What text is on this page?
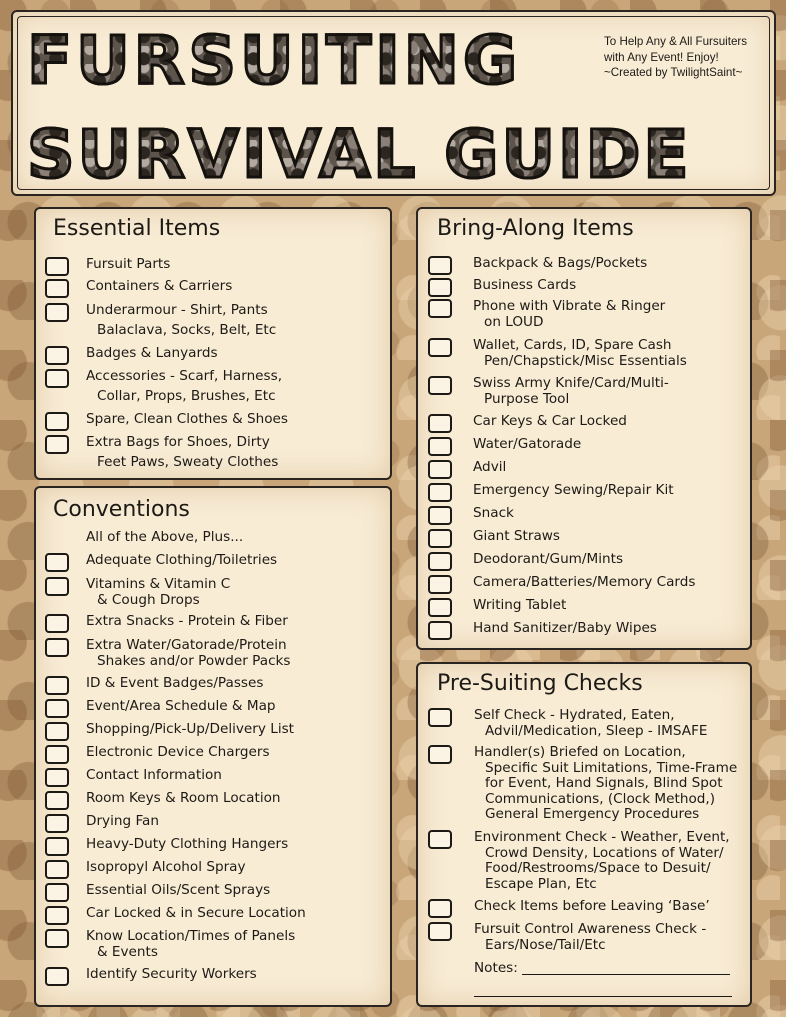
FURSUITING
SURVIVAL GUIDE
To Help Any & All Fursuiters
with Any Event! Enjoy!
~Created by TwilightSaint~
Essential Items
Conventions
All of the Above, Plus...
Bring-Along Items
Pre-Suiting Checks
Notes:
Fursuit Parts
Containers & Carriers
Underarmour - Shirt, Pants
Balaclava, Socks, Belt, Etc
Badges & Lanyards
Accessories - Scarf, Harness,
Collar, Props, Brushes, Etc
Spare, Clean Clothes & Shoes
Extra Bags for Shoes, Dirty
Feet Paws, Sweaty Clothes
Adequate Clothing/Toiletries
Vitamins & Vitamin C
& Cough Drops
Extra Snacks - Protein & Fiber
Extra Water/Gatorade/Protein
Shakes and/or Powder Packs
ID & Event Badges/Passes
Event/Area Schedule & Map
Shopping/Pick-Up/Delivery List
Electronic Device Chargers
Contact Information
Room Keys & Room Location
Drying Fan
Heavy-Duty Clothing Hangers
Isopropyl Alcohol Spray
Essential Oils/Scent Sprays
Car Locked & in Secure Location
Know Location/Times of Panels
& Events
Identify Security Workers
Backpack & Bags/Pockets
Business Cards
Phone with Vibrate & Ringer
on LOUD
Wallet, Cards, ID, Spare Cash
Pen/Chapstick/Misc Essentials
Swiss Army Knife/Card/Multi-
Purpose Tool
Car Keys & Car Locked
Water/Gatorade
Advil
Emergency Sewing/Repair Kit
Snack
Giant Straws
Deodorant/Gum/Mints
Camera/Batteries/Memory Cards
Writing Tablet
Hand Sanitizer/Baby Wipes
Self Check - Hydrated, Eaten,
Advil/Medication, Sleep - IMSAFE
Handler(s) Briefed on Location,
Specific Suit Limitations, Time-Frame
for Event, Hand Signals, Blind Spot
Communications, (Clock Method,)
General Emergency Procedures
Environment Check - Weather, Event,
Crowd Density, Locations of Water/
Food/Restrooms/Space to Desuit/
Escape Plan, Etc
Check Items before Leaving ‘Base’
Fursuit Control Awareness Check -
Ears/Nose/Tail/Etc
